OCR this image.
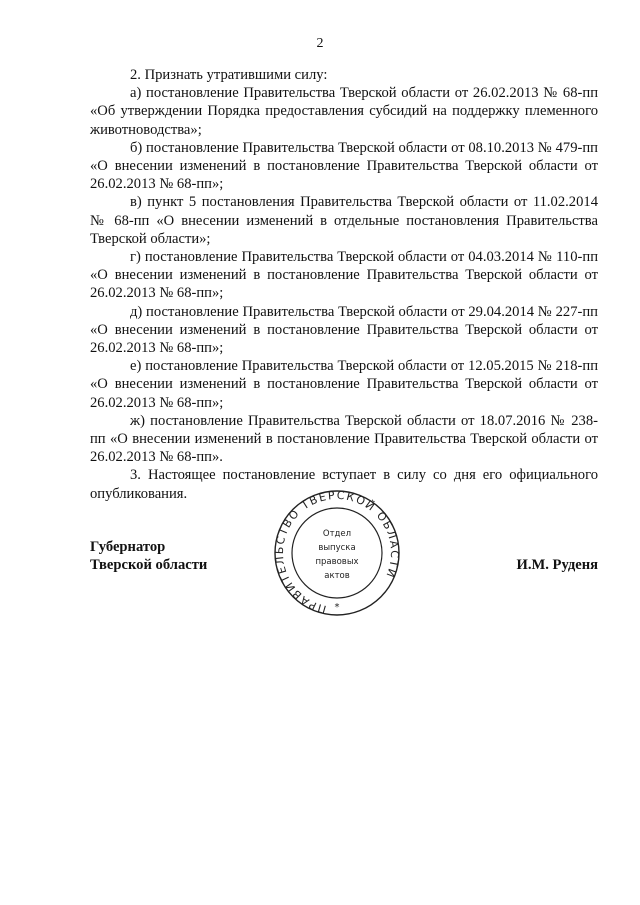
2

2. Признать утратившими силу:

а) постановление Правительства Тверской области от 26.02.2013 № 68-пп «Об утверждении Порядка предоставления субсидий на поддержку племенного животноводства»;

б) постановление Правительства Тверской области от 08.10.2013 № 479-пп «О внесении изменений в постановление Правительства Тверской области от 26.02.2013 № 68-пп»;

в) пункт 5 постановления Правительства Тверской области от 11.02.2014 № 68-пп «О внесении изменений в отдельные постановления Правительства Тверской области»;

г) постановление Правительства Тверской области от 04.03.2014 № 110-пп «О внесении изменений в постановление Правительства Тверской области от 26.02.2013 № 68-пп»;

д) постановление Правительства Тверской области от 29.04.2014 № 227-пп «О внесении изменений в постановление Правительства Тверской области от 26.02.2013 № 68-пп»;

е) постановление Правительства Тверской области от 12.05.2015 № 218-пп «О внесении изменений в постановление Правительства Тверской области от 26.02.2013 № 68-пп»;

ж) постановление Правительства Тверской области от 18.07.2016 № 238-пп «О внесении изменений в постановление Правительства Тверской области от 26.02.2013 № 68-пп».

3. Настоящее постановление вступает в силу со дня его официального опубликования.

Губернатор
Тверской области	И.М. Руденя
ПРАВИТЕЛЬСТВО ТВЕРСКОЙ ОБЛАСТИ
*
Отдел
выпуска
правовых
актов
